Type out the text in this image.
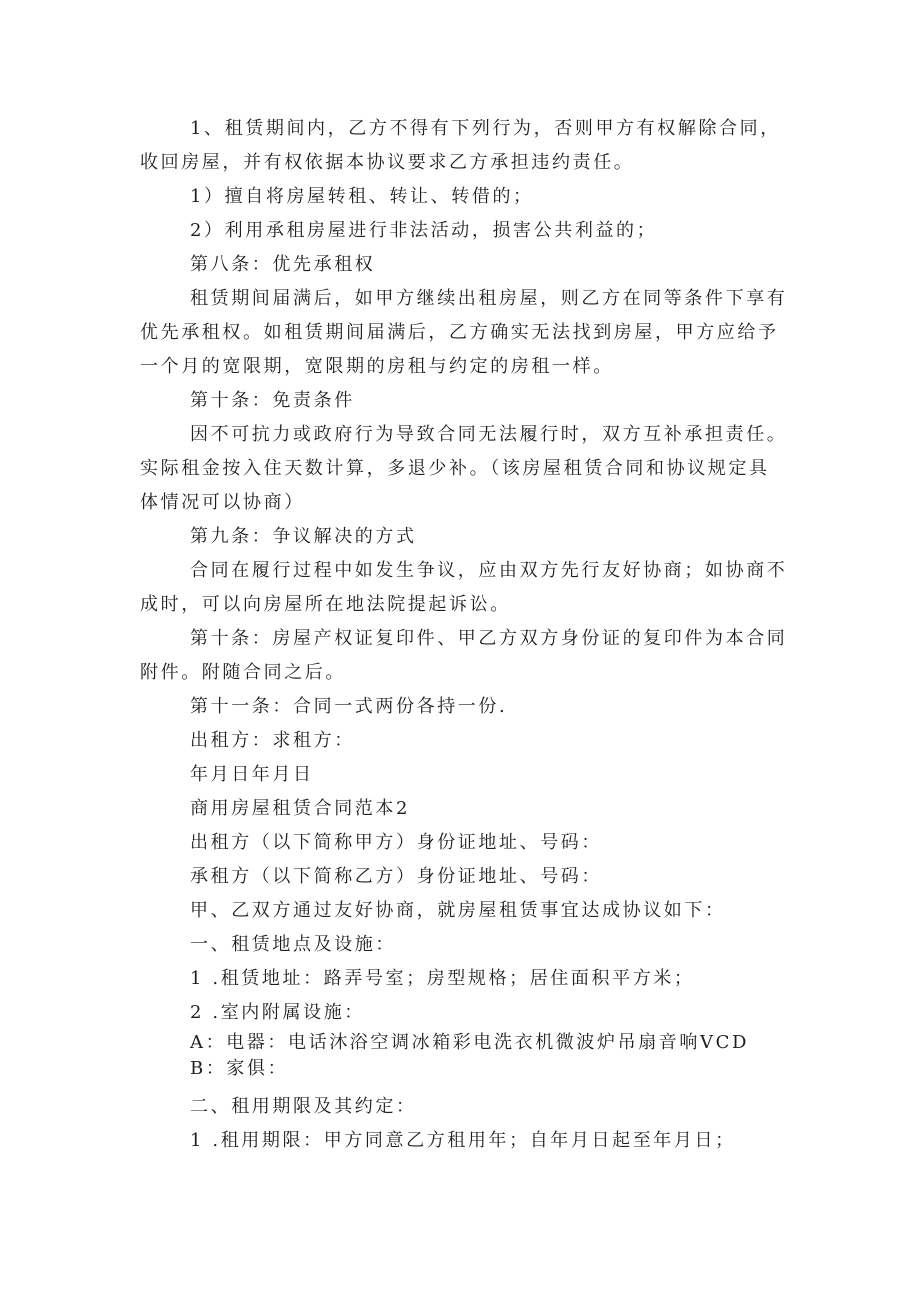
1、租赁期间内，乙方不得有下列行为，否则甲方有权解除合同，收回房屋，并有权依据本协议要求乙方承担违约责任。

1）擅自将房屋转租、转让、转借的；

2）利用承租房屋进行非法活动，损害公共利益的；

第八条：优先承租权

租赁期间届满后，如甲方继续出租房屋，则乙方在同等条件下享有优先承租权。如租赁期间届满后，乙方确实无法找到房屋，甲方应给予一个月的宽限期，宽限期的房租与约定的房租一样。

第十条：免责条件

因不可抗力或政府行为导致合同无法履行时，双方互补承担责任。实际租金按入住天数计算，多退少补。（该房屋租赁合同和协议规定具体情况可以协商）

第九条：争议解决的方式

合同在履行过程中如发生争议，应由双方先行友好协商；如协商不成时，可以向房屋所在地法院提起诉讼。

第十条：房屋产权证复印件、甲乙方双方身份证的复印件为本合同附件。附随合同之后。

第十一条：合同一式两份各持一份.

出租方：求租方：

年月日年月日

商用房屋租赁合同范本2

出租方（以下简称甲方）身份证地址、号码：

承租方（以下简称乙方）身份证地址、号码：

甲、乙双方通过友好协商，就房屋租赁事宜达成协议如下：

一、租赁地点及设施：

1 .租赁地址：路弄号室；房型规格；居住面积平方米；

2 .室内附属设施：

A：电器：电话沐浴空调冰箱彩电洗衣机微波炉吊扇音响VCD

B：家俱：

二、租用期限及其约定：

1 .租用期限：甲方同意乙方租用年；自年月日起至年月日；
